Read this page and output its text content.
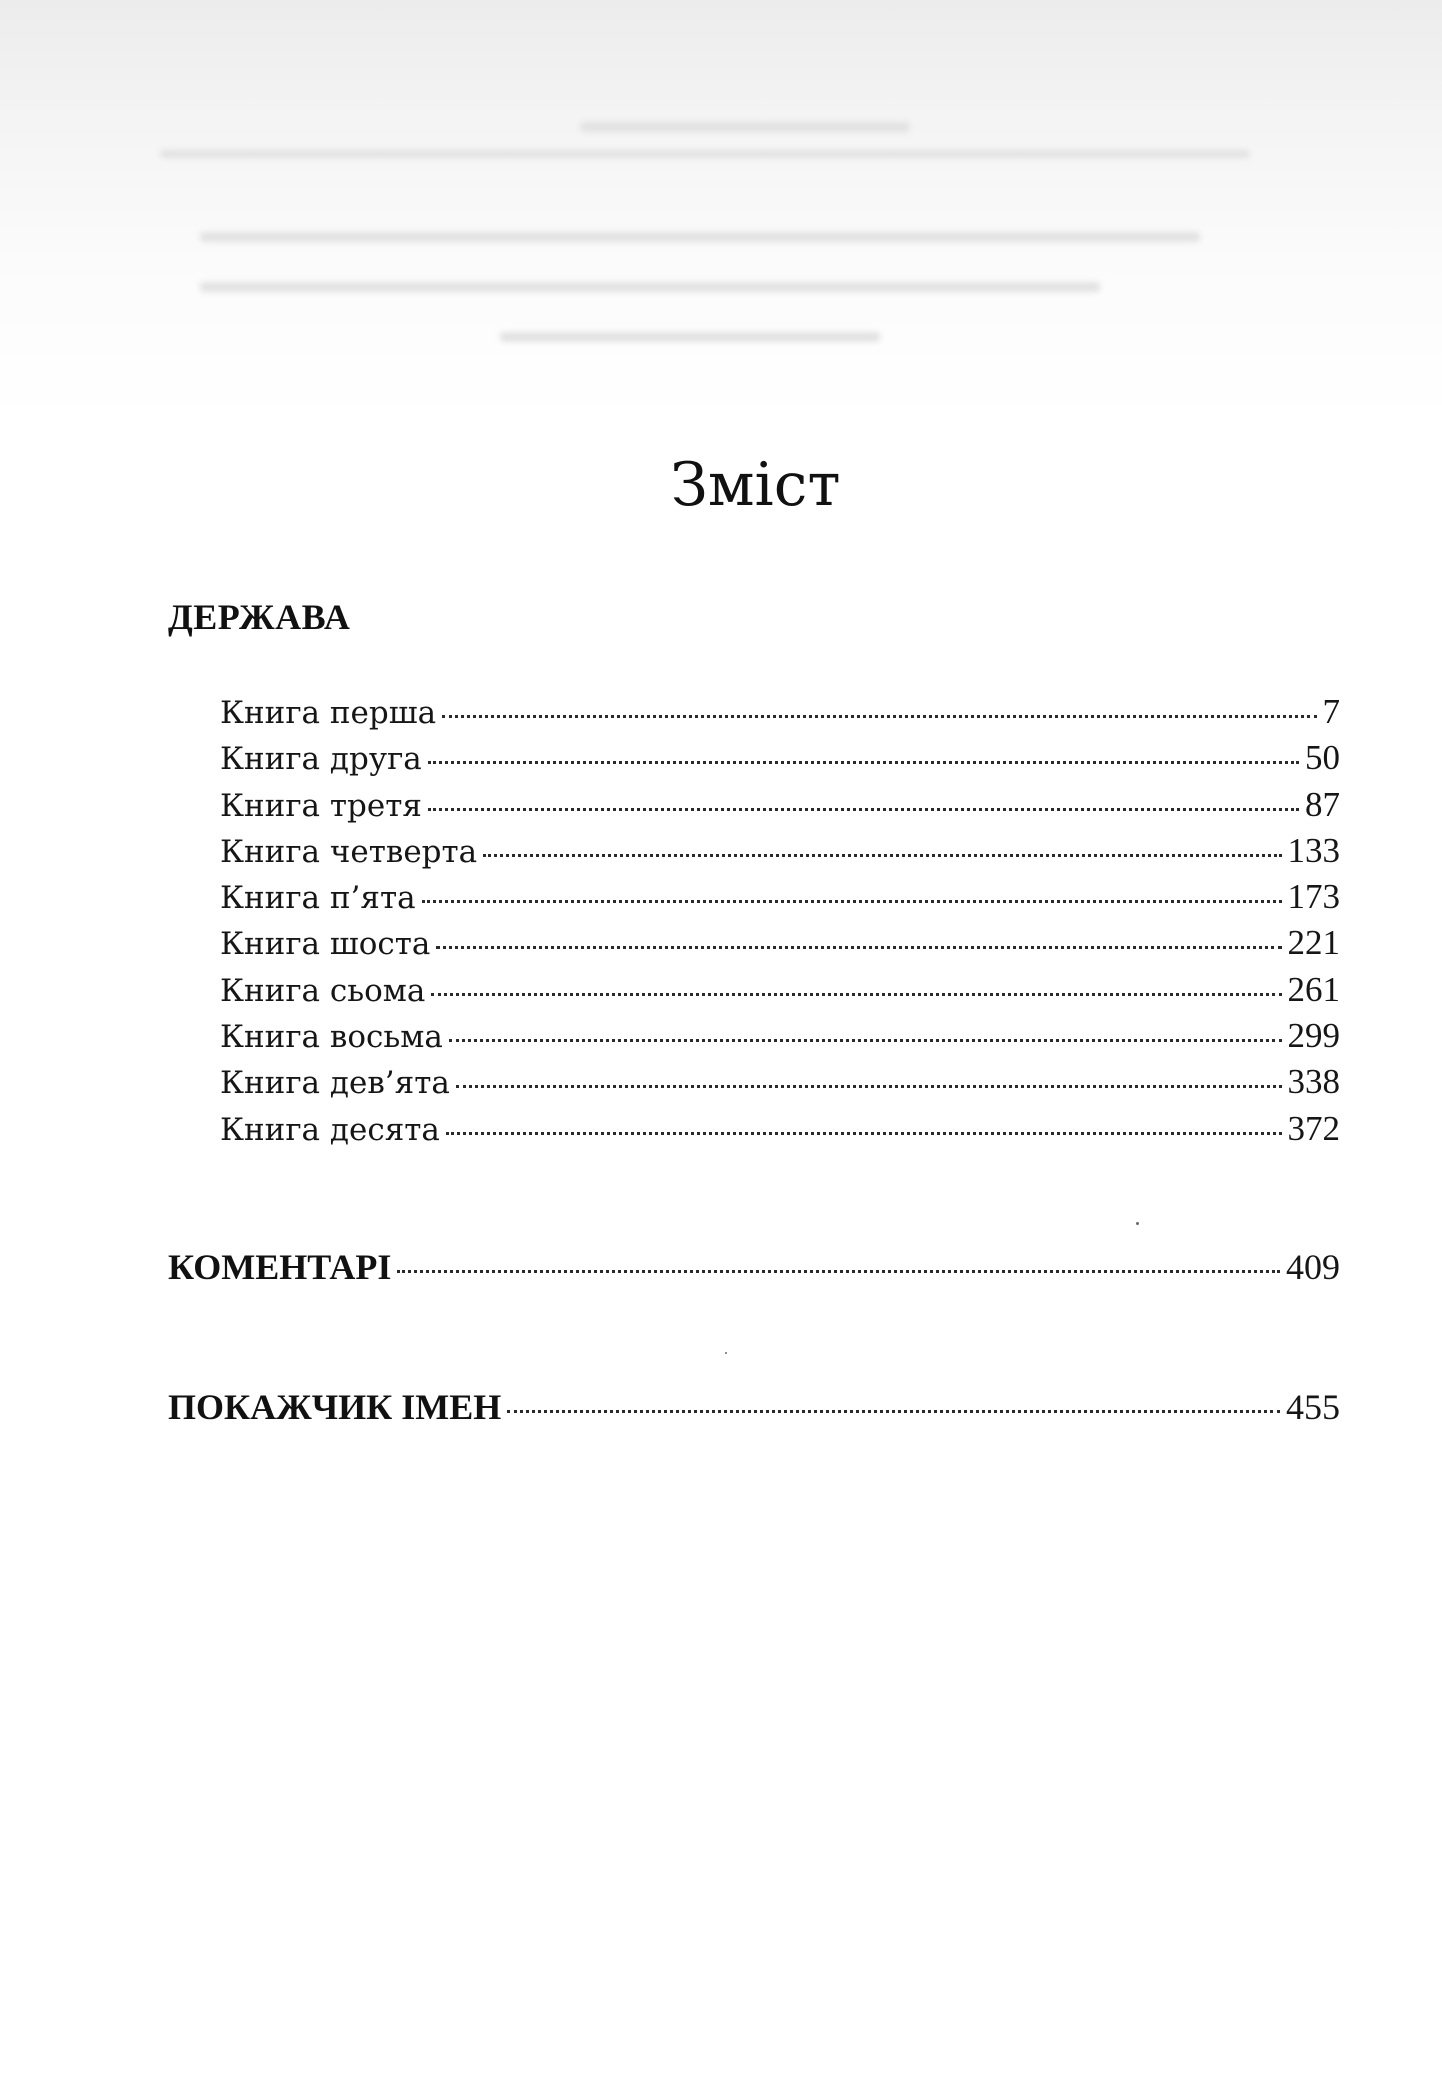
Зміст
ДЕРЖАВА
Книга перша	7
Книга друга	50
Книга третя	87
Книга четверта	133
Книга п’ята	173
Книга шоста	221
Книга сьома	261
Книга восьма	299
Книга дев’ята	338
Книга десята	372
КОМЕНТАРІ	409
ПОКАЖЧИК ІМЕН	455
